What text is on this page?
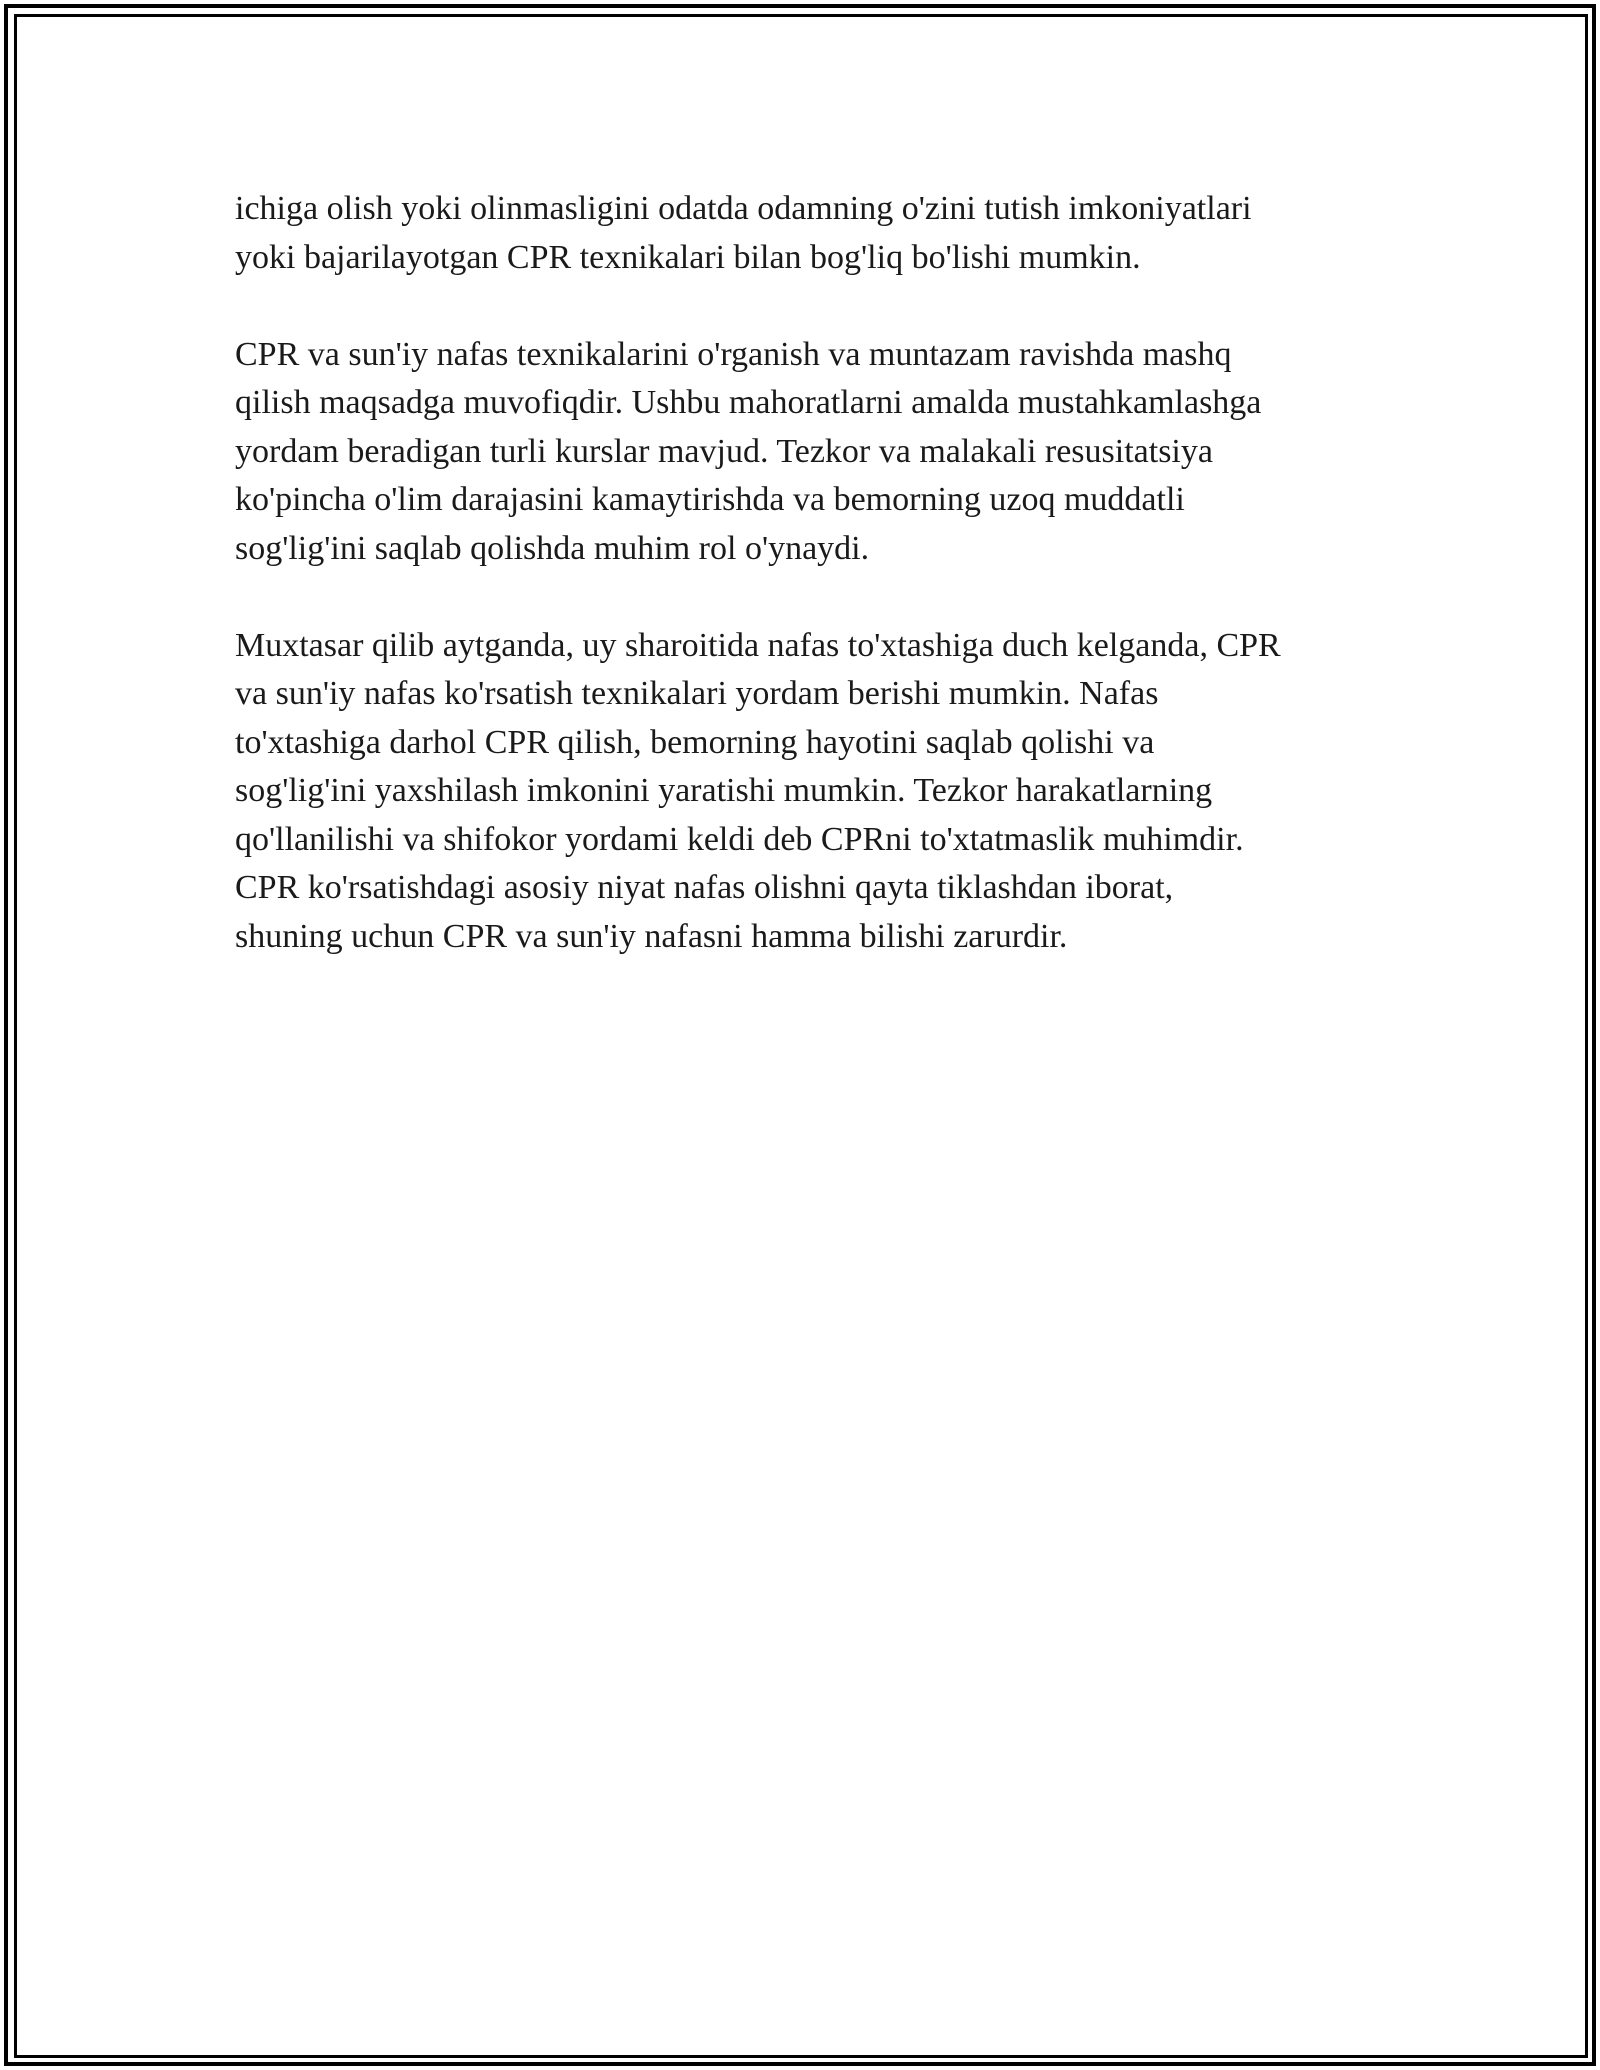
ichiga olish yoki olinmasligini odatda odamning o'zini tutish imkoniyatlari
yoki bajarilayotgan CPR texnikalari bilan bog'liq bo'lishi mumkin.

CPR va sun'iy nafas texnikalarini o'rganish va muntazam ravishda mashq
qilish maqsadga muvofiqdir. Ushbu mahoratlarni amalda mustahkamlashga
yordam beradigan turli kurslar mavjud. Tezkor va malakali resusitatsiya
ko'pincha o'lim darajasini kamaytirishda va bemorning uzoq muddatli
sog'lig'ini saqlab qolishda muhim rol o'ynaydi.

Muxtasar qilib aytganda, uy sharoitida nafas to'xtashiga duch kelganda, CPR
va sun'iy nafas ko'rsatish texnikalari yordam berishi mumkin. Nafas
to'xtashiga darhol CPR qilish, bemorning hayotini saqlab qolishi va
sog'lig'ini yaxshilash imkonini yaratishi mumkin. Tezkor harakatlarning
qo'llanilishi va shifokor yordami keldi deb CPRni to'xtatmaslik muhimdir.
CPR ko'rsatishdagi asosiy niyat nafas olishni qayta tiklashdan iborat,
shuning uchun CPR va sun'iy nafasni hamma bilishi zarurdir.
